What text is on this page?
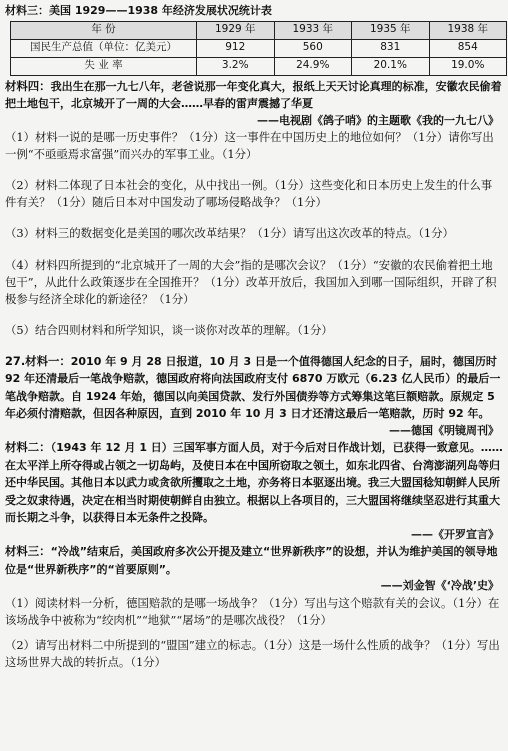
材料三：美国 1929——1938 年经济发展状况统计表

年 份	1929 年	1933 年	1935 年	1938 年
国民生产总值（单位：亿美元）	912	560	831	854
失 业 率	3.2%	24.9%	20.1%	19.0%

材料四：我出生在那一九七八年，老爸说那一年变化真大，报纸上天天讨论真理的标准，安徽农民偷着把土地包干，北京城开了一周的大会……早春的雷声震撼了华夏

——电视剧《鸽子哨》的主题歌《我的一九七八》

（1）材料一说的是哪一历史事件？（1分）这一事件在中国历史上的地位如何？（1分）请你写出一例“不亟亟焉求富强”而兴办的军事工业。（1分）

（2）材料二体现了日本社会的变化，从中找出一例。（1分）这些变化和日本历史上发生的什么事件有关？（1分）随后日本对中国发动了哪场侵略战争？（1分）

（3）材料三的数据变化是美国的哪次改革结果？（1分）请写出这次改革的特点。（1分）

（4）材料四所提到的“北京城开了一周的大会”指的是哪次会议？（1分）“安徽的农民偷着把土地包干”，从此什么政策逐步在全国推开？（1分）改革开放后，我国加入到哪一国际组织，开辟了积极参与经济全球化的新途径？（1分）

（5）结合四则材料和所学知识，谈一谈你对改革的理解。（1分）

27.材料一：2010 年 9 月 28 日报道，10 月 3 日是一个值得德国人纪念的日子，届时，德国历时 92 年还清最后一笔战争赔款，德国政府将向法国政府支付 6870 万欧元（6.23 亿人民币）的最后一笔战争赔款。自 1924 年始，德国以向美国贷款、发行外国债券等方式筹集这笔巨额赔款。原规定 5 年必须付清赔款，但因各种原因，直到 2010 年 10 月 3 日才还清这最后一笔赔款，历时 92 年。

——德国《明镜周刊》

材料二：（1943 年 12 月 1 日）三国军事方面人员，对于今后对日作战计划，已获得一致意见。……在太平洋上所夺得或占领之一切岛屿，及使日本在中国所窃取之领土，如东北四省、台湾澎湖列岛等归还中华民国。其他日本以武力或贪欲所攫取之土地，亦务将日本驱逐出境。我三大盟国稔知朝鲜人民所受之奴隶待遇，决定在相当时期使朝鲜自由独立。根据以上各项目的，三大盟国将继续坚忍进行其重大而长期之斗争，以获得日本无条件之投降。

——《开罗宣言》

材料三：“冷战”结束后，美国政府多次公开提及建立“世界新秩序”的设想，并认为维护美国的领导地位是“世界新秩序”的“首要原则”。

——刘金智《‘冷战’史》

（1）阅读材料一分析，德国赔款的是哪一场战争？（1分）写出与这个赔款有关的会议。（1分）在该场战争中被称为“绞肉机”“地狱”“屠场”的是哪次战役？（1分）

（2）请写出材料二中所提到的“盟国”建立的标志。（1分）这是一场什么性质的战争？（1分）写出这场世界大战的转折点。（1分）
